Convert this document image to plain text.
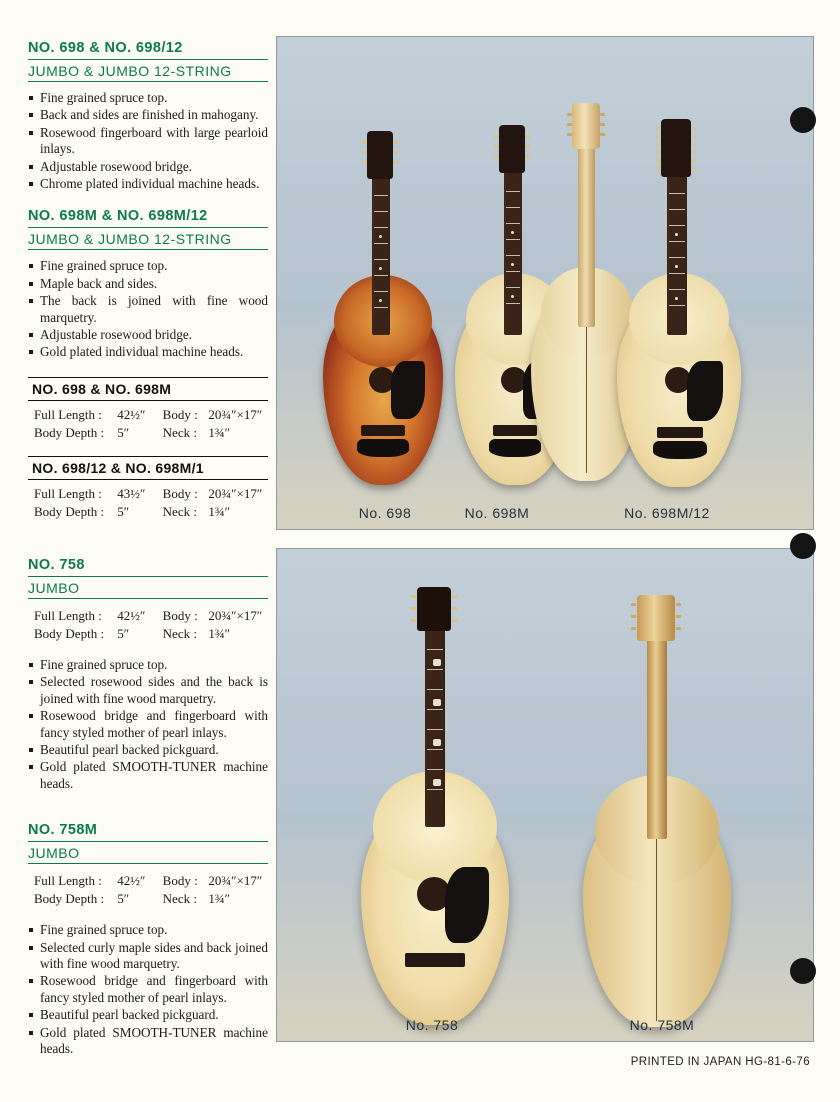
NO. 698 & NO. 698/12
JUMBO & JUMBO 12-STRING
Fine grained spruce top.
Back and sides are finished in mahogany.
Rosewood fingerboard with large pearloid inlays.
Adjustable rosewood bridge.
Chrome plated individual machine heads.
NO. 698M & NO. 698M/12
JUMBO & JUMBO 12-STRING
Fine grained spruce top.
Maple back and sides.
The back is joined with fine wood marquetry.
Adjustable rosewood bridge.
Gold plated individual machine heads.
NO. 698 & NO. 698M
Full Length :	42½″	Body :	20¾″×17″
Body Depth :	5″	Neck :	1¾″
NO. 698/12 & NO. 698M/1
Full Length :	43½″	Body :	20¾″×17″
Body Depth :	5″	Neck :	1¾″
NO. 758
JUMBO
Full Length :	42½″	Body :	20¾″×17″
Body Depth :	5″	Neck :	1¾″
Fine grained spruce top.
Selected rosewood sides and the back is joined with fine wood marquetry.
Rosewood bridge and fingerboard with fancy styled mother of pearl inlays.
Beautiful pearl backed pickguard.
Gold plated SMOOTH-TUNER machine heads.
NO. 758M
JUMBO
Full Length :	42½″	Body :	20¾″×17″
Body Depth :	5″	Neck :	1¾″
Fine grained spruce top.
Selected curly maple sides and back joined with fine wood marquetry.
Rosewood bridge and fingerboard with fancy styled mother of pearl inlays.
Beautiful pearl backed pickguard.
Gold plated SMOOTH-TUNER machine heads.
No. 698	No. 698M	No. 698M/12
No. 758	No. 758M
PRINTED IN JAPAN HG-81-6-76
